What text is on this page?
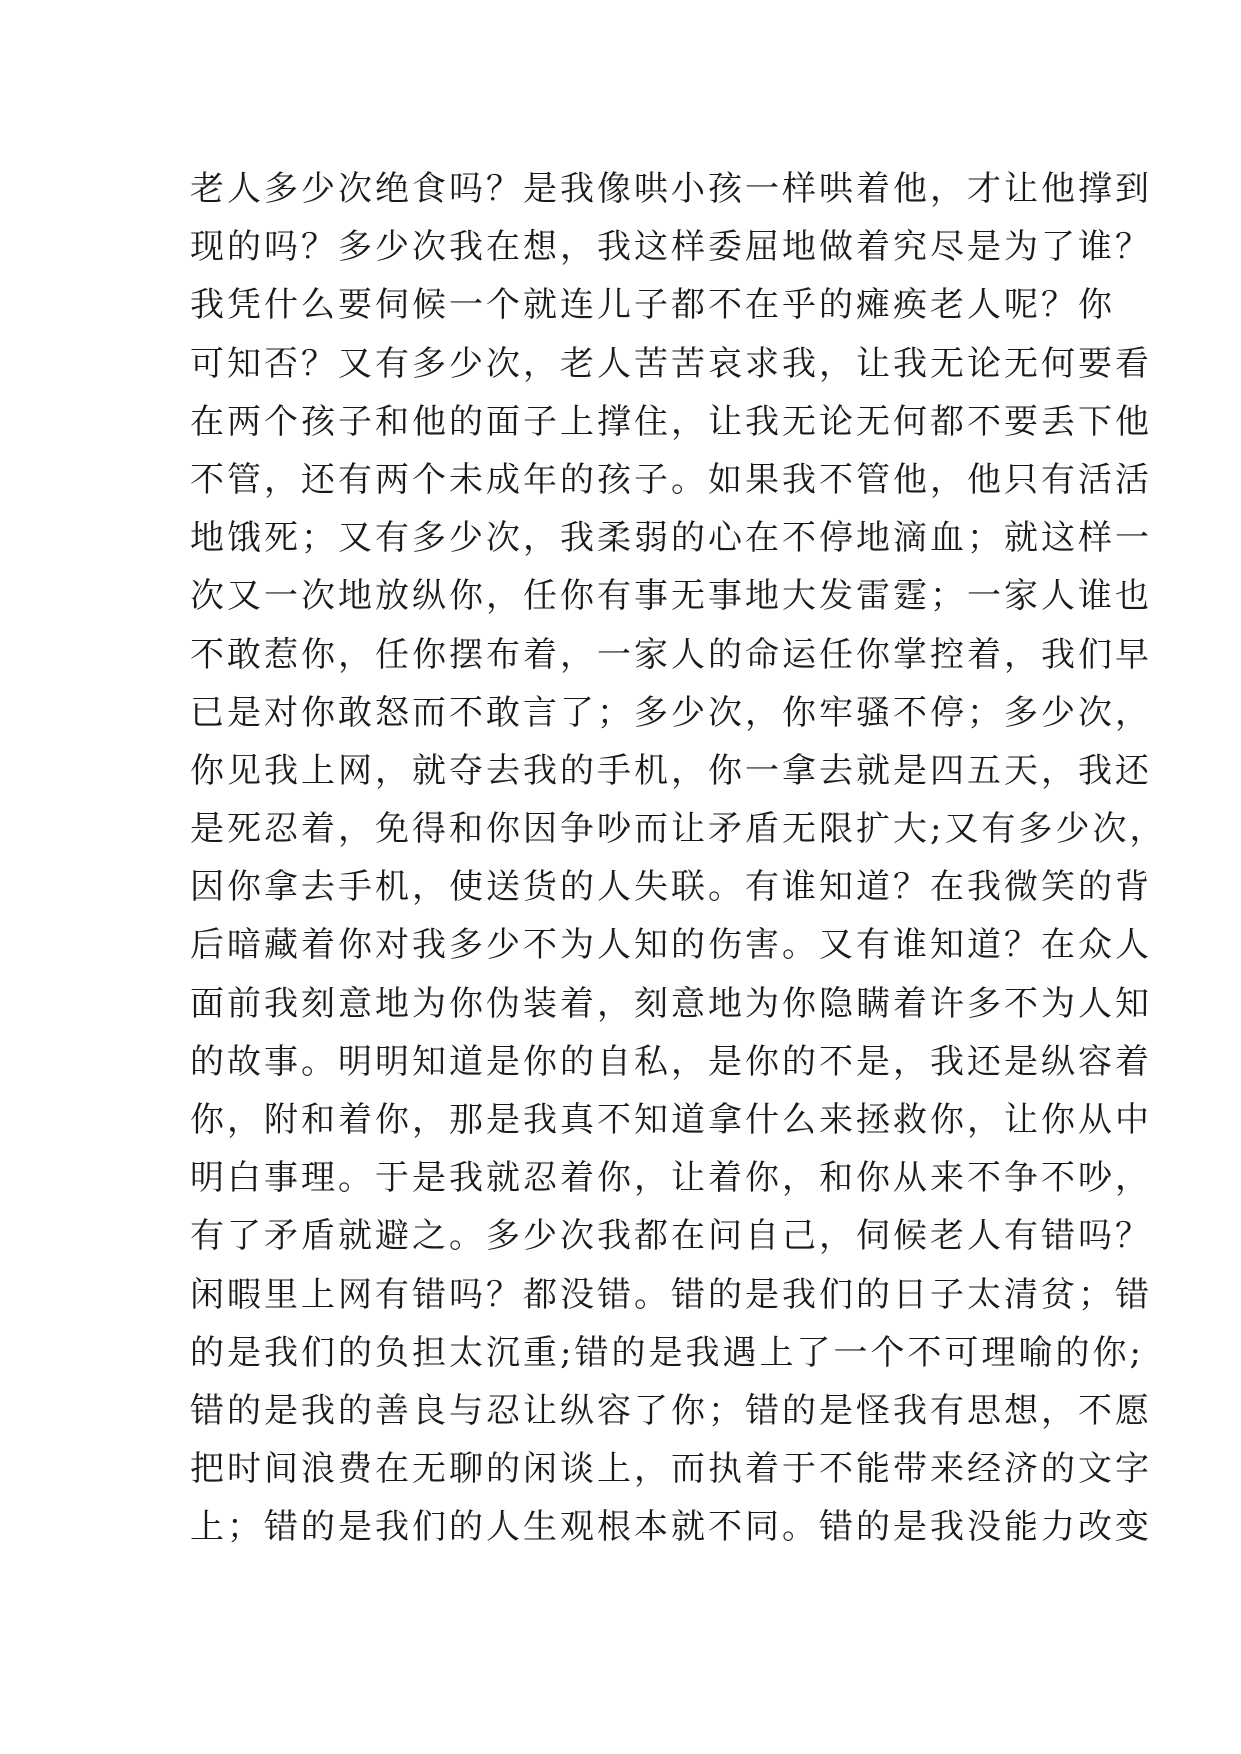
老人多少次绝食吗？是我像哄小孩一样哄着他，才让他撑到
现的吗？多少次我在想，我这样委屈地做着究尽是为了谁？
我凭什么要伺候一个就连儿子都不在乎的瘫痪老人呢？你
可知否？又有多少次，老人苦苦哀求我，让我无论无何要看
在两个孩子和他的面子上撑住，让我无论无何都不要丢下他
不管，还有两个未成年的孩子。如果我不管他，他只有活活
地饿死；又有多少次，我柔弱的心在不停地滴血；就这样一
次又一次地放纵你，任你有事无事地大发雷霆；一家人谁也
不敢惹你，任你摆布着，一家人的命运任你掌控着，我们早
已是对你敢怒而不敢言了；多少次，你牢骚不停；多少次，
你见我上网，就夺去我的手机，你一拿去就是四五天，我还
是死忍着，免得和你因争吵而让矛盾无限扩大;又有多少次，
因你拿去手机，使送货的人失联。有谁知道？在我微笑的背
后暗藏着你对我多少不为人知的伤害。又有谁知道？在众人
面前我刻意地为你伪装着，刻意地为你隐瞒着许多不为人知
的故事。明明知道是你的自私，是你的不是，我还是纵容着
你，附和着你，那是我真不知道拿什么来拯救你，让你从中
明白事理。于是我就忍着你，让着你，和你从来不争不吵，
有了矛盾就避之。多少次我都在问自己，伺候老人有错吗？
闲暇里上网有错吗？都没错。错的是我们的日子太清贫；错
的是我们的负担太沉重;错的是我遇上了一个不可理喻的你;
错的是我的善良与忍让纵容了你；错的是怪我有思想，不愿
把时间浪费在无聊的闲谈上，而执着于不能带来经济的文字
上；错的是我们的人生观根本就不同。错的是我没能力改变
